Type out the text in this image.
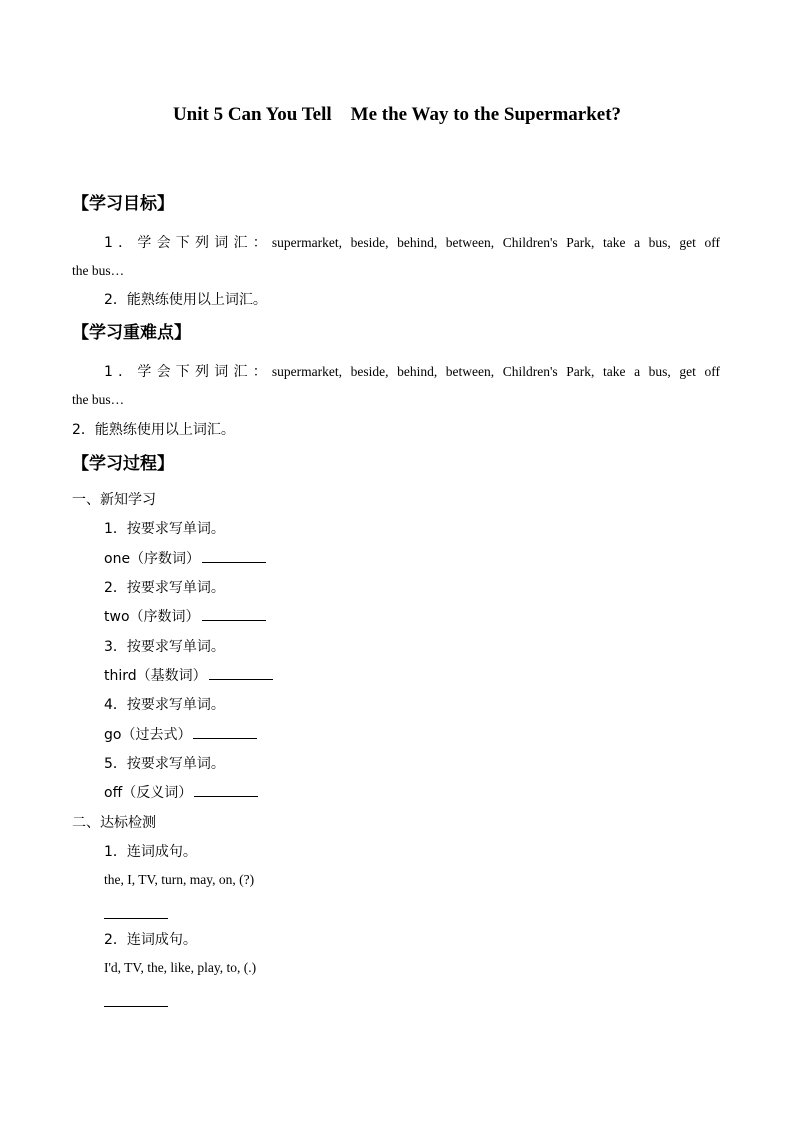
Unit 5 Can You Tell    Me the Way to the Supermarket?
【学习目标】
1．学会下列词汇：supermarket, beside, behind, between, Children's Park, take a bus, get off
the bus…
2．能熟练使用以上词汇。
【学习重难点】
1．学会下列词汇：supermarket, beside, behind, between, Children's Park, take a bus, get off
the bus…
2．能熟练使用以上词汇。
【学习过程】
一、新知学习
1．按要求写单词。
one（序数词）
2．按要求写单词。
two（序数词）
3．按要求写单词。
third（基数词）
4．按要求写单词。
go（过去式）
5．按要求写单词。
off（反义词）
二、达标检测
1．连词成句。
the, I, TV, turn, may, on, (?)
2．连词成句。
I'd, TV, the, like, play, to, (.)
